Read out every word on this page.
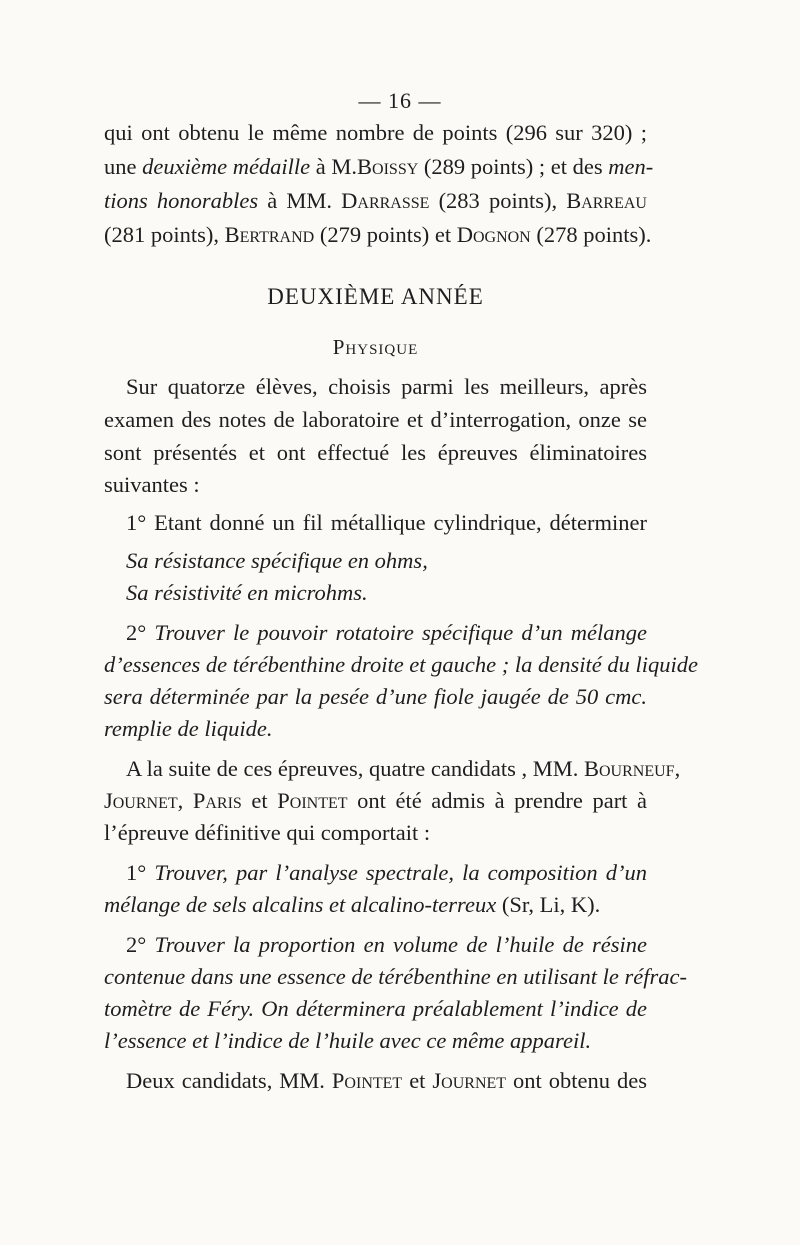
— 16 —
qui ont obtenu le même nombre de points (296 sur 320) ;
une deuxième médaille à M.Boissy (289 points) ; et des men-
tions honorables à MM. Darrasse (283 points), Barreau
(281 points), Bertrand (279 points) et Dognon (278 points).
DEUXIÈME ANNÉE
Physique
Sur quatorze élèves, choisis parmi les meilleurs, après
examen des notes de laboratoire et d’interrogation, onze se
sont présentés et ont effectué les épreuves éliminatoires
suivantes :
1° Etant donné un fil métallique cylindrique, déterminer
Sa résistance spécifique en ohms,
Sa résistivité en microhms.
2° Trouver le pouvoir rotatoire spécifique d’un mélange
d’essences de térébenthine droite et gauche ; la densité du liquide
sera déterminée par la pesée d’une fiole jaugée de 50 cmc.
remplie de liquide.
A la suite de ces épreuves, quatre candidats , MM. Bourneuf,
Journet, Paris et Pointet ont été admis à prendre part à
l’épreuve définitive qui comportait :
1° Trouver, par l’analyse spectrale, la composition d’un
mélange de sels alcalins et alcalino-terreux (Sr, Li, K).
2° Trouver la proportion en volume de l’huile de résine
contenue dans une essence de térébenthine en utilisant le réfrac-
tomètre de Féry. On déterminera préalablement l’indice de
l’essence et l’indice de l’huile avec ce même appareil.
Deux candidats, MM. Pointet et Journet ont obtenu des
